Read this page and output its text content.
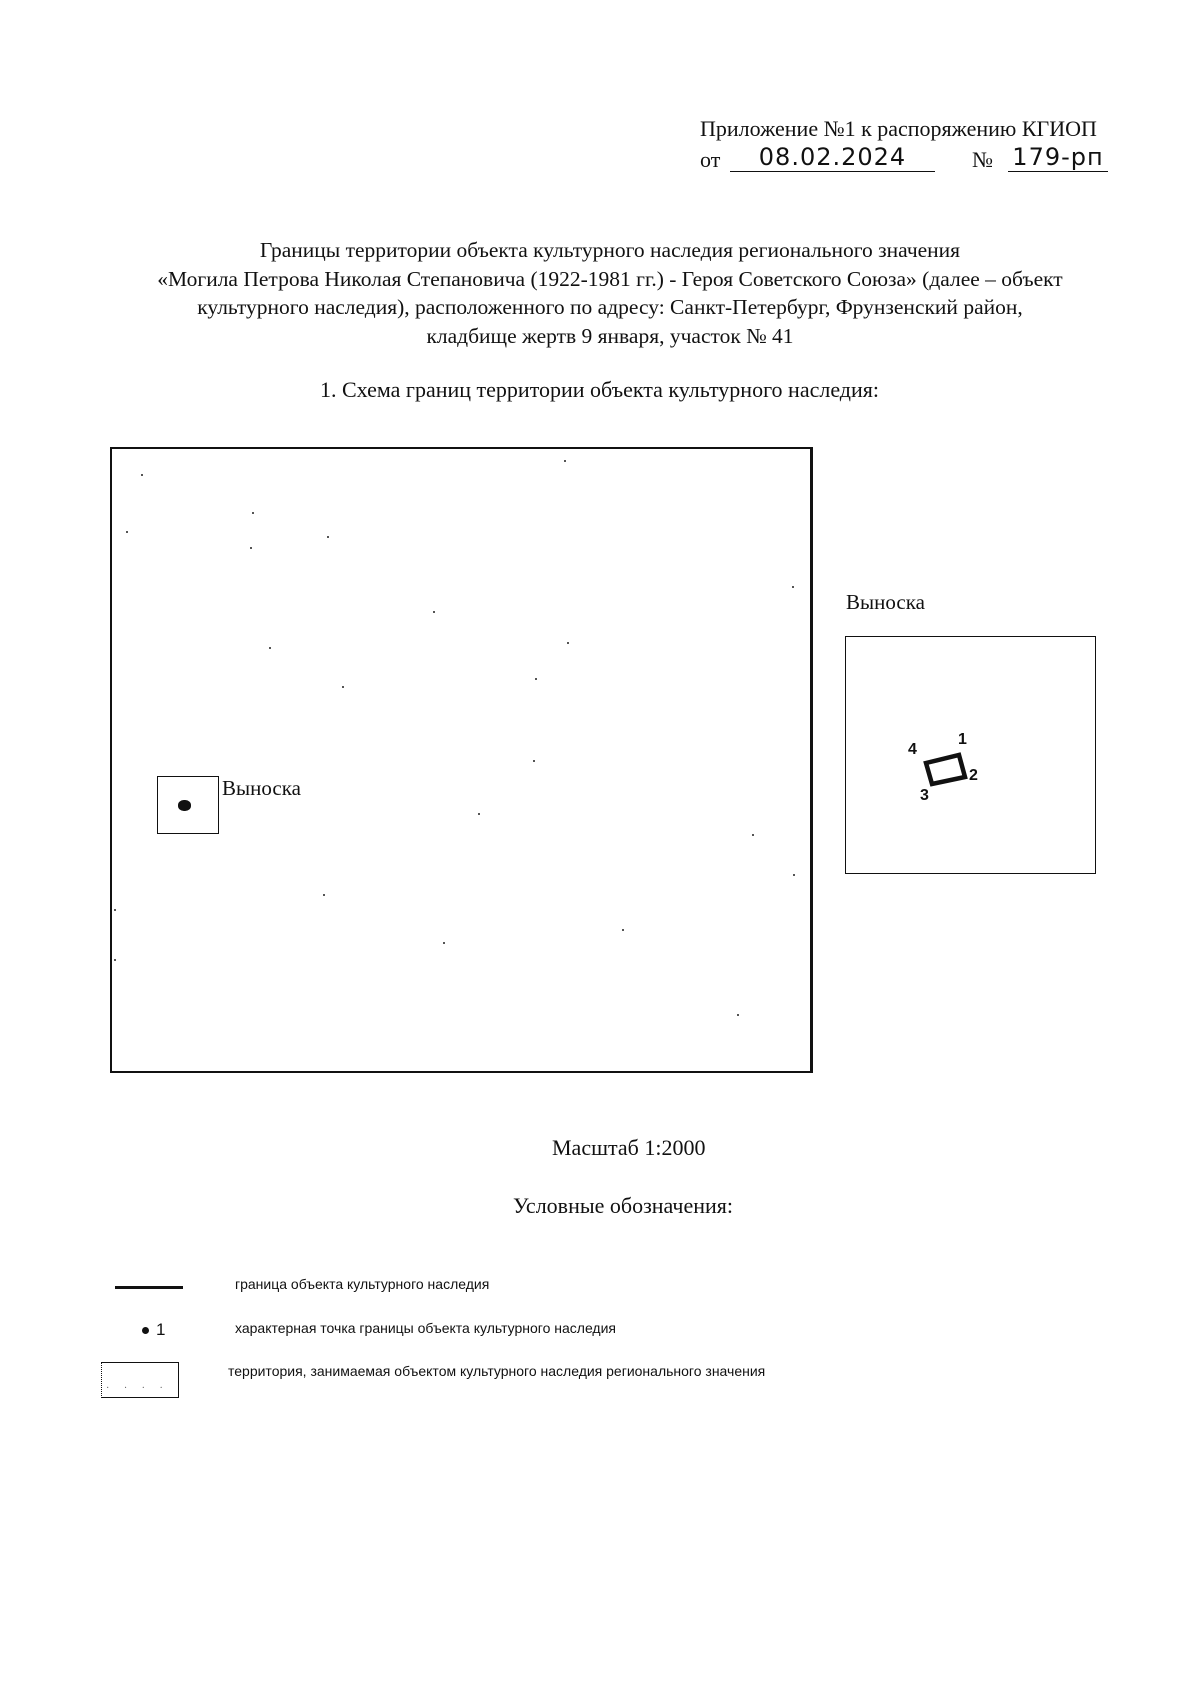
Приложение №1 к распоряжению КГИОП
от	08.02.2024	№ 179-рп
Границы территории объекта культурного наследия регионального значения
«Могила Петрова Николая Степановича (1922-1981 гг.) - Героя Советского Союза» (далее – объект
культурного наследия), расположенного по адресу: Санкт-Петербург, Фрунзенский район,
кладбище жертв 9 января, участок № 41
1. Схема границ территории объекта культурного наследия:
Выноска
Выноска
1
2
3
4
Масштаб 1:2000
Условные обозначения:
граница объекта культурного наследия
1	характерная точка границы объекта культурного наследия
· · · ·
территория, занимаемая объектом культурного наследия регионального значения
